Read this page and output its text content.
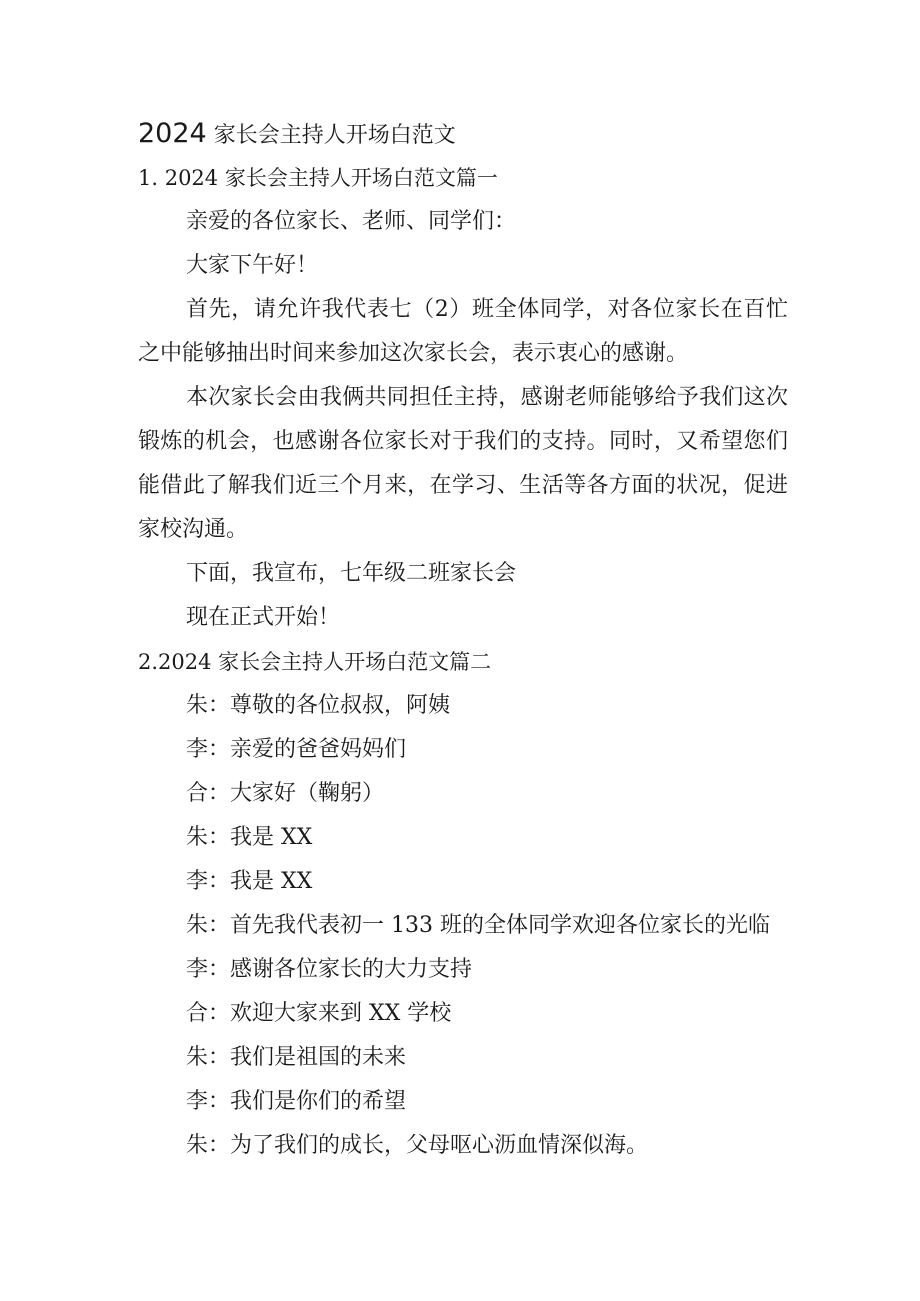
2024 家长会主持人开场白范文

1. 2024 家长会主持人开场白范文篇一

亲爱的各位家长、老师、同学们：

大家下午好！

首先，请允许我代表七（2）班全体同学，对各位家长在百忙之中能够抽出时间来参加这次家长会，表示衷心的感谢。

本次家长会由我俩共同担任主持，感谢老师能够给予我们这次锻炼的机会，也感谢各位家长对于我们的支持。同时，又希望您们能借此了解我们近三个月来，在学习、生活等各方面的状况，促进家校沟通。

下面，我宣布，七年级二班家长会

现在正式开始！

2.2024 家长会主持人开场白范文篇二

朱：尊敬的各位叔叔，阿姨

李：亲爱的爸爸妈妈们

合：大家好（鞠躬）

朱：我是 XX

李：我是 XX

朱：首先我代表初一 133 班的全体同学欢迎各位家长的光临

李：感谢各位家长的大力支持

合：欢迎大家来到 XX 学校

朱：我们是祖国的未来

李：我们是你们的希望

朱：为了我们的成长，父母呕心沥血情深似海。
